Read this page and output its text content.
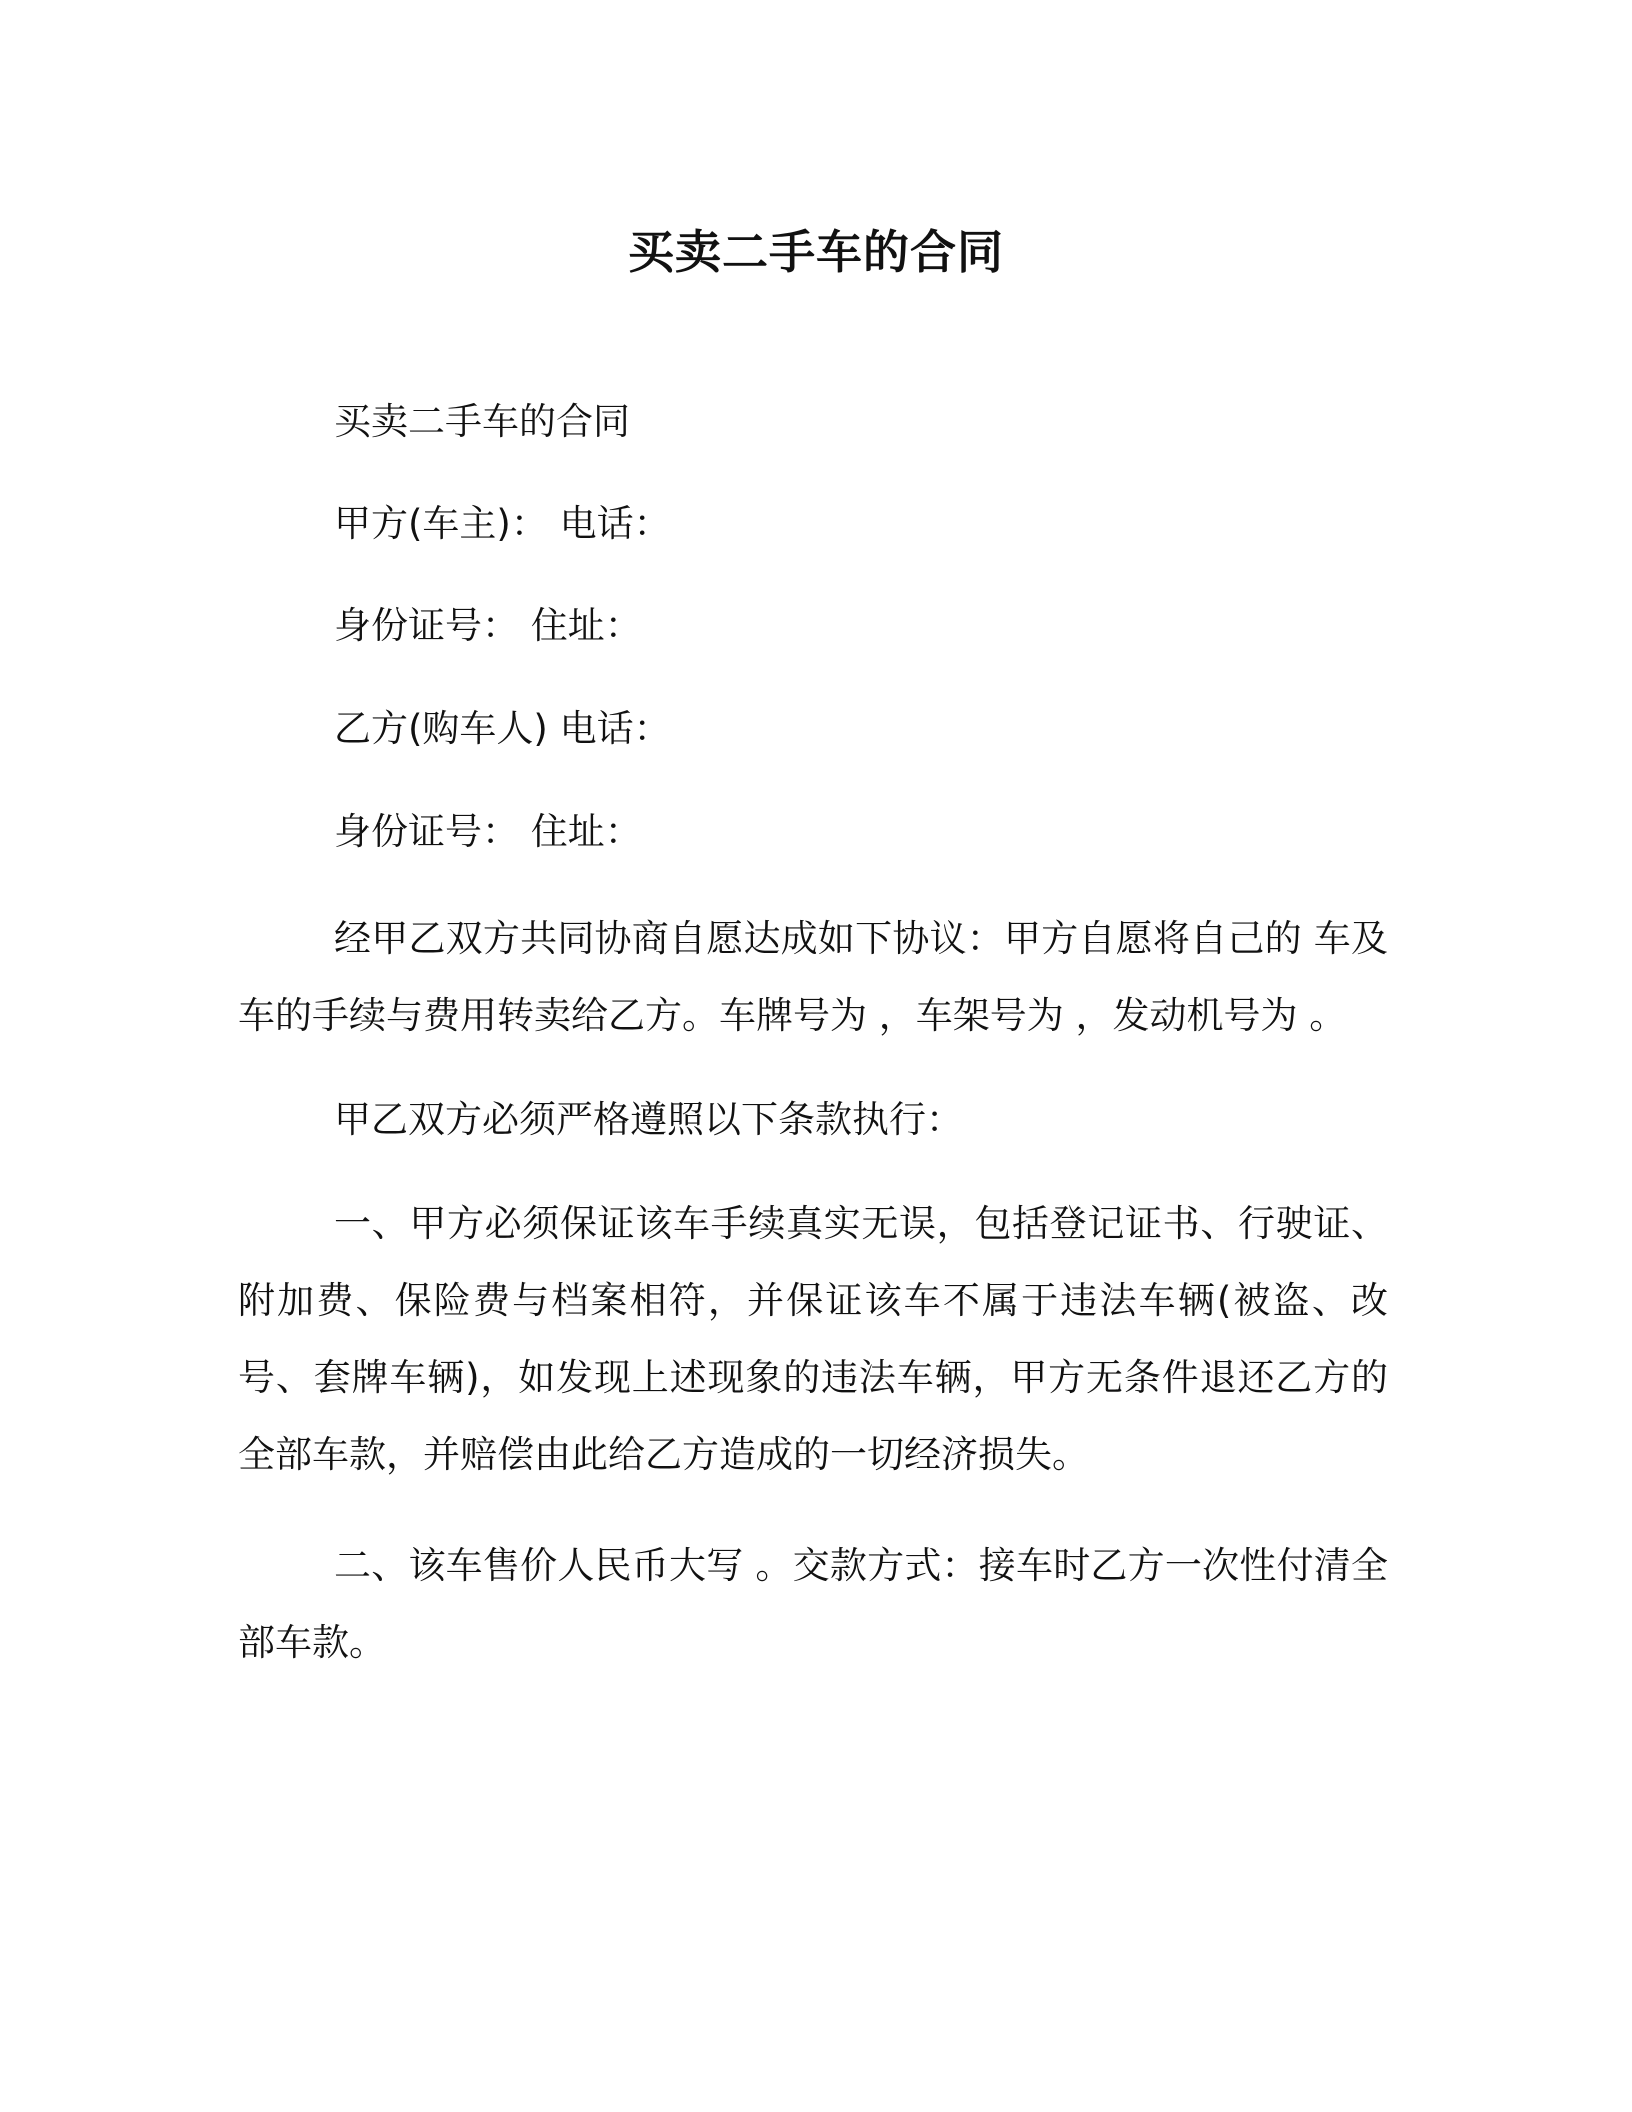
买卖二手车的合同

买卖二手车的合同

甲方(车主)： 电话：

身份证号： 住址：

乙方(购车人) 电话：

身份证号： 住址：

经甲乙双方共同协商自愿达成如下协议：甲方自愿将自己的 车及车的手续与费用转卖给乙方。车牌号为 ，车架号为 ，发动机号为 。

甲乙双方必须严格遵照以下条款执行：

一、甲方必须保证该车手续真实无误，包括登记证书、行驶证、附加费、保险费与档案相符，并保证该车不属于违法车辆(被盗、改号、套牌车辆)，如发现上述现象的违法车辆，甲方无条件退还乙方的全部车款，并赔偿由此给乙方造成的一切经济损失。

二、该车售价人民币大写 。交款方式：接车时乙方一次性付清全部车款。
